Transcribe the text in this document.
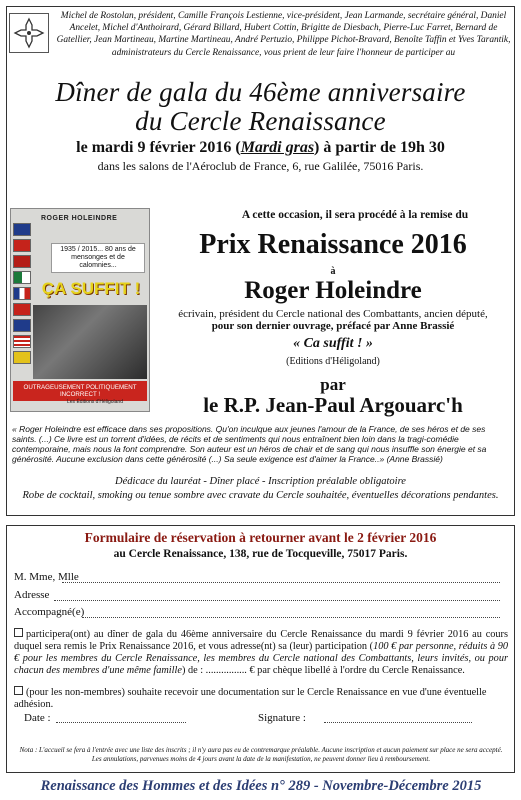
Michel de Rostolan, président, Camille François Lestienne, vice-président, Jean Larmande, secrétaire général, Daniel Ancelet, Michel d'Anthoirard, Gérard Billard, Hubert Cottin, Brigitte de Diesbach, Pierre-Luc Farret, Bernard de Gatellier, Jean Martineau, Martine Martineau, André Pertuzio, Philippe Pichot-Bravard, Benoîte Taffin et Yves Tarantik, administrateurs du Cercle Renaissance, vous prient de leur faire l'honneur de participer au
Dîner de gala du 46ème anniversaire
du Cercle Renaissance
le mardi 9 février 2016 (Mardi gras) à partir de 19h 30
dans les salons de l'Aéroclub de France, 6, rue Galilée, 75016 Paris.
ROGER HOLEINDRE
1935 / 2015... 80 ans de mensonges et de calomnies...
ÇA SUFFIT !
OUTRAGEUSEMENT POLITIQUEMENT INCORRECT !
Les Éditions d'Héligoland
A cette occasion, il sera procédé à la remise du
Prix Renaissance 2016
à
Roger Holeindre
écrivain, président du Cercle national des Combattants, ancien député,
pour son dernier ouvrage, préfacé par Anne Brassié
« Ca suffit ! »
(Editions d'Héligoland)
par
le R.P. Jean-Paul Argouarc'h
« Roger Holeindre est efficace dans ses propositions. Qu'on inculque aux jeunes l'amour de la France, de ses héros et de ses saints. (...) Ce livre est un torrent d'idées, de récits et de sentiments qui nous entraînent bien loin dans la tragi-comédie contemporaine, mais nous la font comprendre. Son auteur est un héros de chair et de sang qui nous insuffle son énergie et sa générosité. Aucune exclusion dans cette générosité (...) Sa seule exigence est d'aimer la France..» (Anne Brassié)
Dédicace du lauréat - Dîner placé - Inscription préalable obligatoire
Robe de cocktail, smoking ou tenue sombre avec cravate du Cercle souhaitée, éventuelles décorations pendantes.
Formulaire de réservation à retourner avant le 2 février 2016
au Cercle Renaissance, 138, rue de Tocqueville, 75017 Paris.
M. Mme, Mlle
Adresse
Accompagné(e)
participera(ont) au dîner de gala du 46ème anniversaire du Cercle Renaissance du mardi 9 février 2016 au cours duquel sera remis le Prix Renaissance 2016, et vous adresse(nt) sa (leur) participation (100 € par personne, réduits à 90 € pour les membres du Cercle Renaissance, les membres du Cercle national des Combattants, leurs invités, ou pour chacun des membres d'une même famille) de : ................ € par chèque libellé à l'ordre du Cercle Renaissance.
(pour les non-membres) souhaite recevoir une documentation sur le Cercle Renaissance en vue d'une éventuelle adhésion.
Date :	Signature :
Nota : L'accueil se fera à l'entrée avec une liste des inscrits ; il n'y aura pas eu de contremarque préalable. Aucune inscription et aucun paiement sur place ne sera accepté. Les annulations, parvenues moins de 4 jours avant la date de la manifestation, ne peuvent donner lieu à remboursement.
Renaissance des Hommes et des Idées n° 289 - Novembre-Décembre 2015
